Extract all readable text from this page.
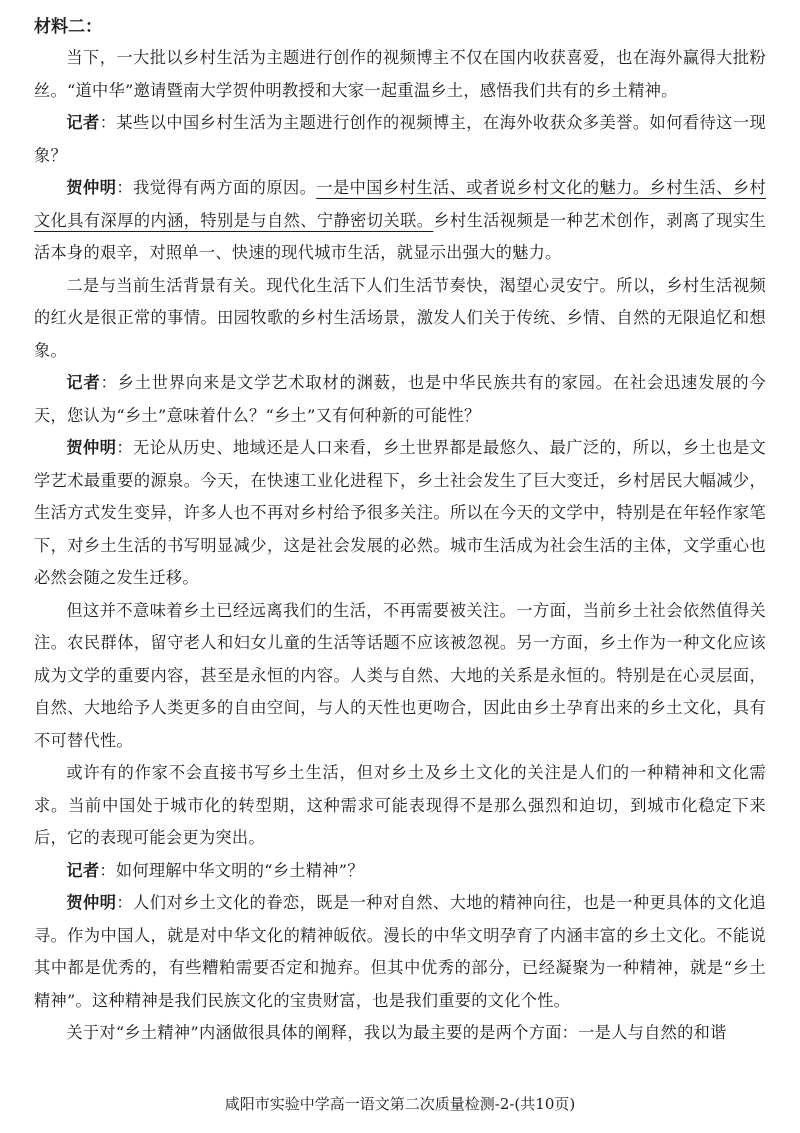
材料二：

当下，一大批以乡村生活为主题进行创作的视频博主不仅在国内收获喜爱，也在海外赢得大批粉丝。“道中华”邀请暨南大学贺仲明教授和大家一起重温乡土，感悟我们共有的乡土精神。

记者：某些以中国乡村生活为主题进行创作的视频博主，在海外收获众多美誉。如何看待这一现象？

贺仲明：我觉得有两方面的原因。一是中国乡村生活、或者说乡村文化的魅力。乡村生活、乡村文化具有深厚的内涵，特别是与自然、宁静密切关联。乡村生活视频是一种艺术创作，剥离了现实生活本身的艰辛，对照单一、快速的现代城市生活，就显示出强大的魅力。

二是与当前生活背景有关。现代化生活下人们生活节奏快，渴望心灵安宁。所以，乡村生活视频的红火是很正常的事情。田园牧歌的乡村生活场景，激发人们关于传统、乡情、自然的无限追忆和想象。

记者：乡土世界向来是文学艺术取材的渊薮，也是中华民族共有的家园。在社会迅速发展的今天，您认为“乡土”意味着什么？“乡土”又有何种新的可能性？

贺仲明：无论从历史、地域还是人口来看，乡土世界都是最悠久、最广泛的，所以，乡土也是文学艺术最重要的源泉。今天，在快速工业化进程下，乡土社会发生了巨大变迁，乡村居民大幅减少，生活方式发生变异，许多人也不再对乡村给予很多关注。所以在今天的文学中，特别是在年轻作家笔下，对乡土生活的书写明显减少，这是社会发展的必然。城市生活成为社会生活的主体，文学重心也必然会随之发生迁移。

但这并不意味着乡土已经远离我们的生活，不再需要被关注。一方面，当前乡土社会依然值得关注。农民群体，留守老人和妇女儿童的生活等话题不应该被忽视。另一方面，乡土作为一种文化应该成为文学的重要内容，甚至是永恒的内容。人类与自然、大地的关系是永恒的。特别是在心灵层面，自然、大地给予人类更多的自由空间，与人的天性也更吻合，因此由乡土孕育出来的乡土文化，具有不可替代性。

或许有的作家不会直接书写乡土生活，但对乡土及乡土文化的关注是人们的一种精神和文化需求。当前中国处于城市化的转型期，这种需求可能表现得不是那么强烈和迫切，到城市化稳定下来后，它的表现可能会更为突出。

记者：如何理解中华文明的“乡土精神”？

贺仲明：人们对乡土文化的眷恋，既是一种对自然、大地的精神向往，也是一种更具体的文化追寻。作为中国人，就是对中华文化的精神皈依。漫长的中华文明孕育了内涵丰富的乡土文化。不能说其中都是优秀的，有些糟粕需要否定和抛弃。但其中优秀的部分，已经凝聚为一种精神，就是“乡土精神”。这种精神是我们民族文化的宝贵财富，也是我们重要的文化个性。

关于对“乡土精神”内涵做很具体的阐释，我以为最主要的是两个方面：一是人与自然的和谐

咸阳市实验中学高一语文第二次质量检测-2-(共10页)
